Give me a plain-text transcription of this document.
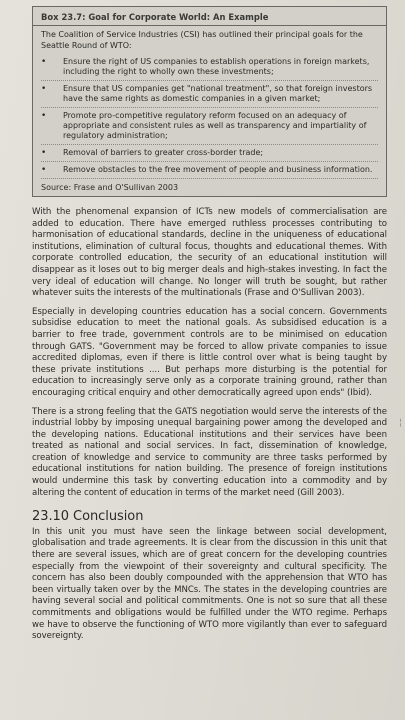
Box 23.7: Goal for Corporate World: An Example
The Coalition of Service Industries (CSI) has outlined their principal goals for the Seattle Round of WTO:
•	Ensure the right of US companies to establish operations in foreign markets, including the right to wholly own these investments;
•	Ensure that US companies get "national treatment", so that foreign investors have the same rights as domestic companies in a given market;
•	Promote pro-competitive regulatory reform focused on an adequacy of appropriate and consistent rules as well as transparency and impartiality of regulatory administration;
•	Removal of barriers to greater cross-border trade;
•	Remove obstacles to the free movement of people and business information.
Source: Frase and O'Sullivan 2003

With the phenomenal expansion of ICTs new models of commercialisation are added to education. There have emerged ruthless processes contributing to harmonisation of educational standards, decline in the uniqueness of educational institutions, elimination of cultural focus, thoughts and educational themes. With corporate controlled education, the security of an educational institution will disappear as it loses out to big merger deals and high-stakes investing. In fact the very ideal of education will change. No longer will truth be sought, but rather whatever suits the interests of the multinationals (Frase and O'Sullivan 2003).

Especially in developing countries education has a social concern. Governments subsidise education to meet the national goals. As subsidised education is a barrier to free trade, government controls are to be minimised on education through GATS. "Government may be forced to allow private companies to issue accredited diplomas, even if there is little control over what is being taught by these private institutions .... But perhaps more disturbing is the potential for education to increasingly serve only as a corporate training ground, rather than encouraging critical enquiry and other democratically agreed upon ends" (Ibid).

There is a strong feeling that the GATS negotiation would serve the interests of the industrial lobby by imposing unequal bargaining power among the developed and the developing nations. Educational institutions and their services have been treated as national and social services. In fact, dissemination of knowledge, creation of knowledge and service to community are three tasks performed by educational institutions for nation building. The presence of foreign institutions would undermine this task by converting education into a commodity and by altering the content of education in terms of the market need (Gill 2003).

23.10 Conclusion

In this unit you must have seen the linkage between social development, globalisation and trade agreements. It is clear from the discussion in this unit that there are several issues, which are of great concern for the developing countries especially from the viewpoint of their sovereignty and cultural specificity. The concern has also been doubly compounded with the apprehension that WTO has been virtually taken over by the MNCs. The states in the developing countries are having several social and political commitments. One is not so sure that all these commitments and obligations would be fulfilled under the WTO regime. Perhaps we have to observe the functioning of WTO more vigilantly than ever to safeguard sovereignty.

¦
